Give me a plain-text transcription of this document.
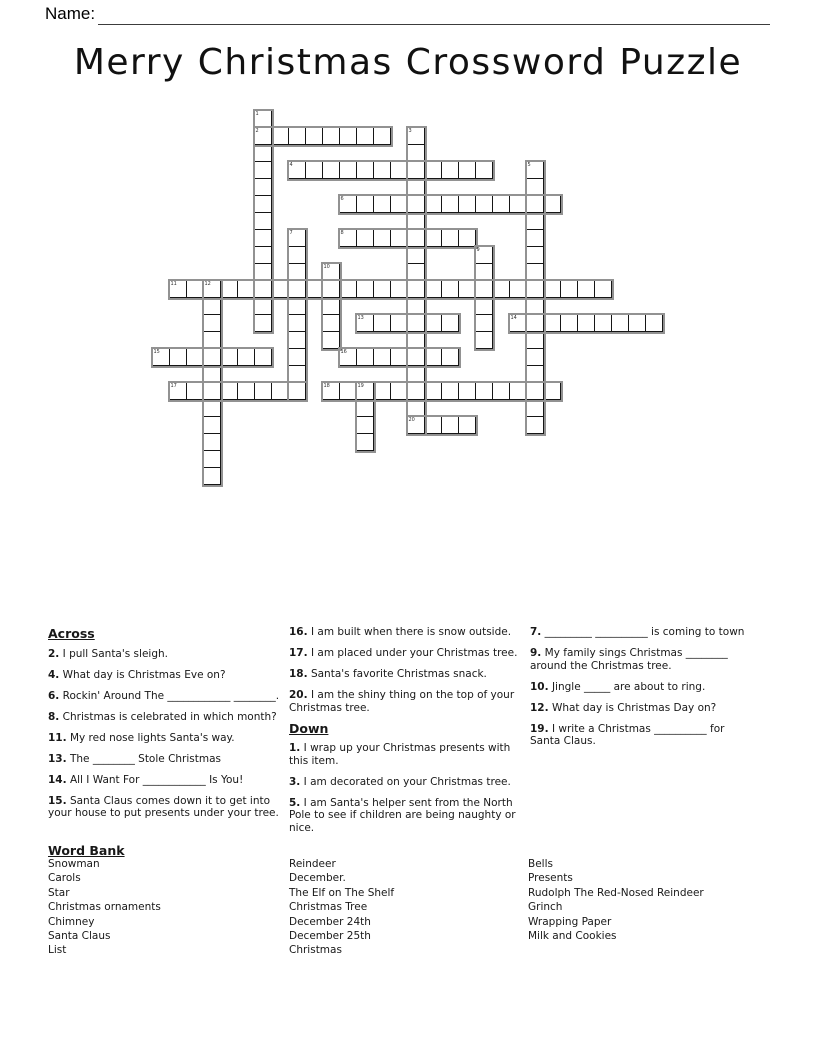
Name:
Merry Christmas Crossword Puzzle
1
2	3
4	5
6
7	8
9
10
11	12
13	14
15	16
17	18	19
20
Across
2. I pull Santa's sleigh.
4. What day is Christmas Eve on?
6. Rockin' Around The ____________ ________.
8. Christmas is celebrated in which month?
11. My red nose lights Santa's way.
13. The ________ Stole Christmas
14. All I Want For ____________ Is You!
15. Santa Claus comes down it to get into your house to put presents under your tree.
16. I am built when there is snow outside.
17. I am placed under your Christmas tree.
18. Santa's favorite Christmas snack.
20. I am the shiny thing on the top of your Christmas tree.
Down
1. I wrap up your Christmas presents with this item.
3. I am decorated on your Christmas tree.
5. I am Santa's helper sent from the North Pole to see if children are being naughty or nice.
7. _________ __________ is coming to town
9. My family sings Christmas ________ around the Christmas tree.
10. Jingle _____ are about to ring.
12. What day is Christmas Day on?
19. I write a Christmas __________ for Santa Claus.
Word Bank
Snowman
Carols
Star
Christmas ornaments
Chimney
Santa Claus
List
Reindeer
December.
The Elf on The Shelf
Christmas Tree
December 24th
December 25th
Christmas
Bells
Presents
Rudolph The Red-Nosed Reindeer
Grinch
Wrapping Paper
Milk and Cookies
